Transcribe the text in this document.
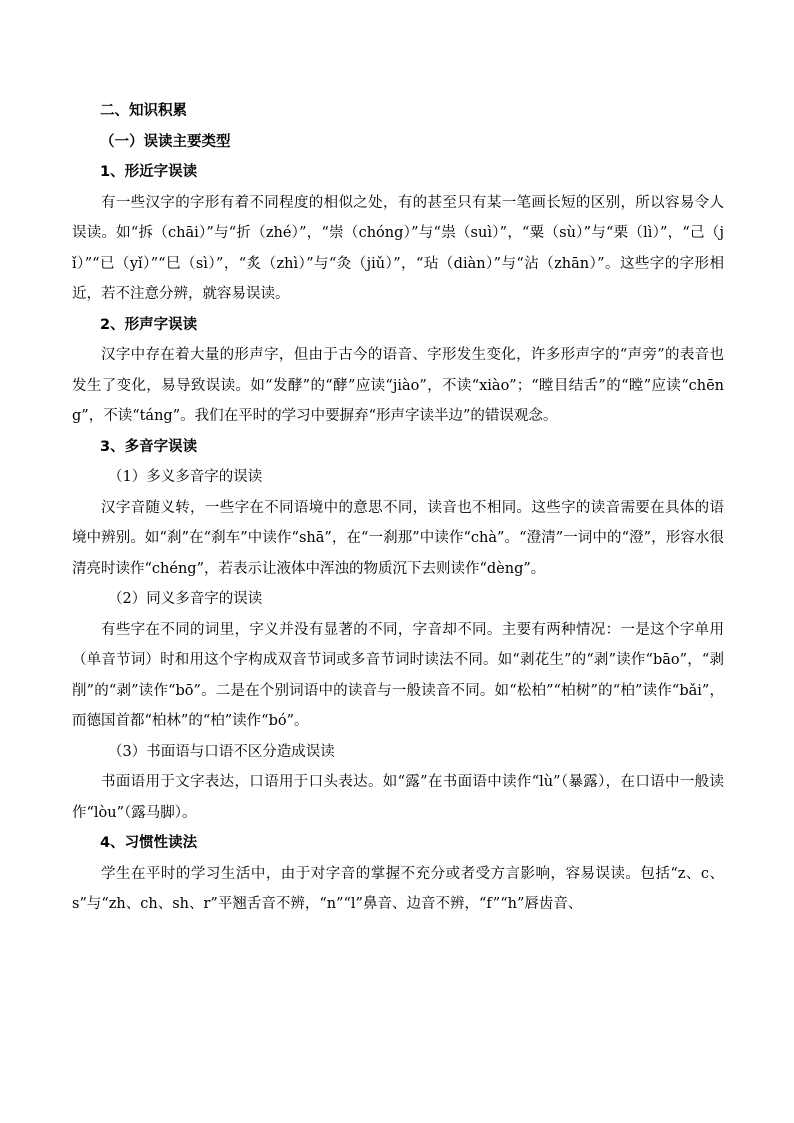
二、知识积累

（一）误读主要类型

1、形近字误读

有一些汉字的字形有着不同程度的相似之处，有的甚至只有某一笔画长短的区别，所以容易令人误读。如“拆（chāi）”与“折（zhé）”，“崇（chóng）”与“祟（suì）”，“粟（sù）”与“栗（lì）”，“己（jǐ）”“已（yǐ）”“巳（sì）”，“炙（zhì）”与“灸（jiǔ）”，“玷（diàn）”与“沾（zhān）”。这些字的字形相近，若不注意分辨，就容易误读。

2、形声字误读

汉字中存在着大量的形声字，但由于古今的语音、字形发生变化，许多形声字的“声旁”的表音也发生了变化，易导致误读。如“发酵”的“酵”应读“jiào”，不读“xiào”；“瞠目结舌”的“瞠”应读“chēng”，不读“táng”。我们在平时的学习中要摒弃“形声字读半边”的错误观念。

3、多音字误读

（1）多义多音字的误读

汉字音随义转，一些字在不同语境中的意思不同，读音也不相同。这些字的读音需要在具体的语境中辨别。如“刹”在“刹车”中读作“shā”，在“一刹那”中读作“chà”。“澄清”一词中的“澄”，形容水很清亮时读作“chéng”，若表示让液体中浑浊的物质沉下去则读作“dèng”。

（2）同义多音字的误读

有些字在不同的词里，字义并没有显著的不同，字音却不同。主要有两种情况：一是这个字单用（单音节词）时和用这个字构成双音节词或多音节词时读法不同。如“剥花生”的“剥”读作“bāo”，“剥削”的“剥”读作“bō”。二是在个别词语中的读音与一般读音不同。如“松柏”“柏树”的“柏”读作“bǎi”，而德国首都“柏林”的“柏”读作“bó”。

（3）书面语与口语不区分造成误读

书面语用于文字表达，口语用于口头表达。如“露”在书面语中读作“lù”（暴露），在口语中一般读作“lòu”（露马脚）。

4、习惯性读法

学生在平时的学习生活中，由于对字音的掌握不充分或者受方言影响，容易误读。包括“z、c、s”与“zh、ch、sh、r”平翘舌音不辨，“n”“l”鼻音、边音不辨，“f”“h”唇齿音、
